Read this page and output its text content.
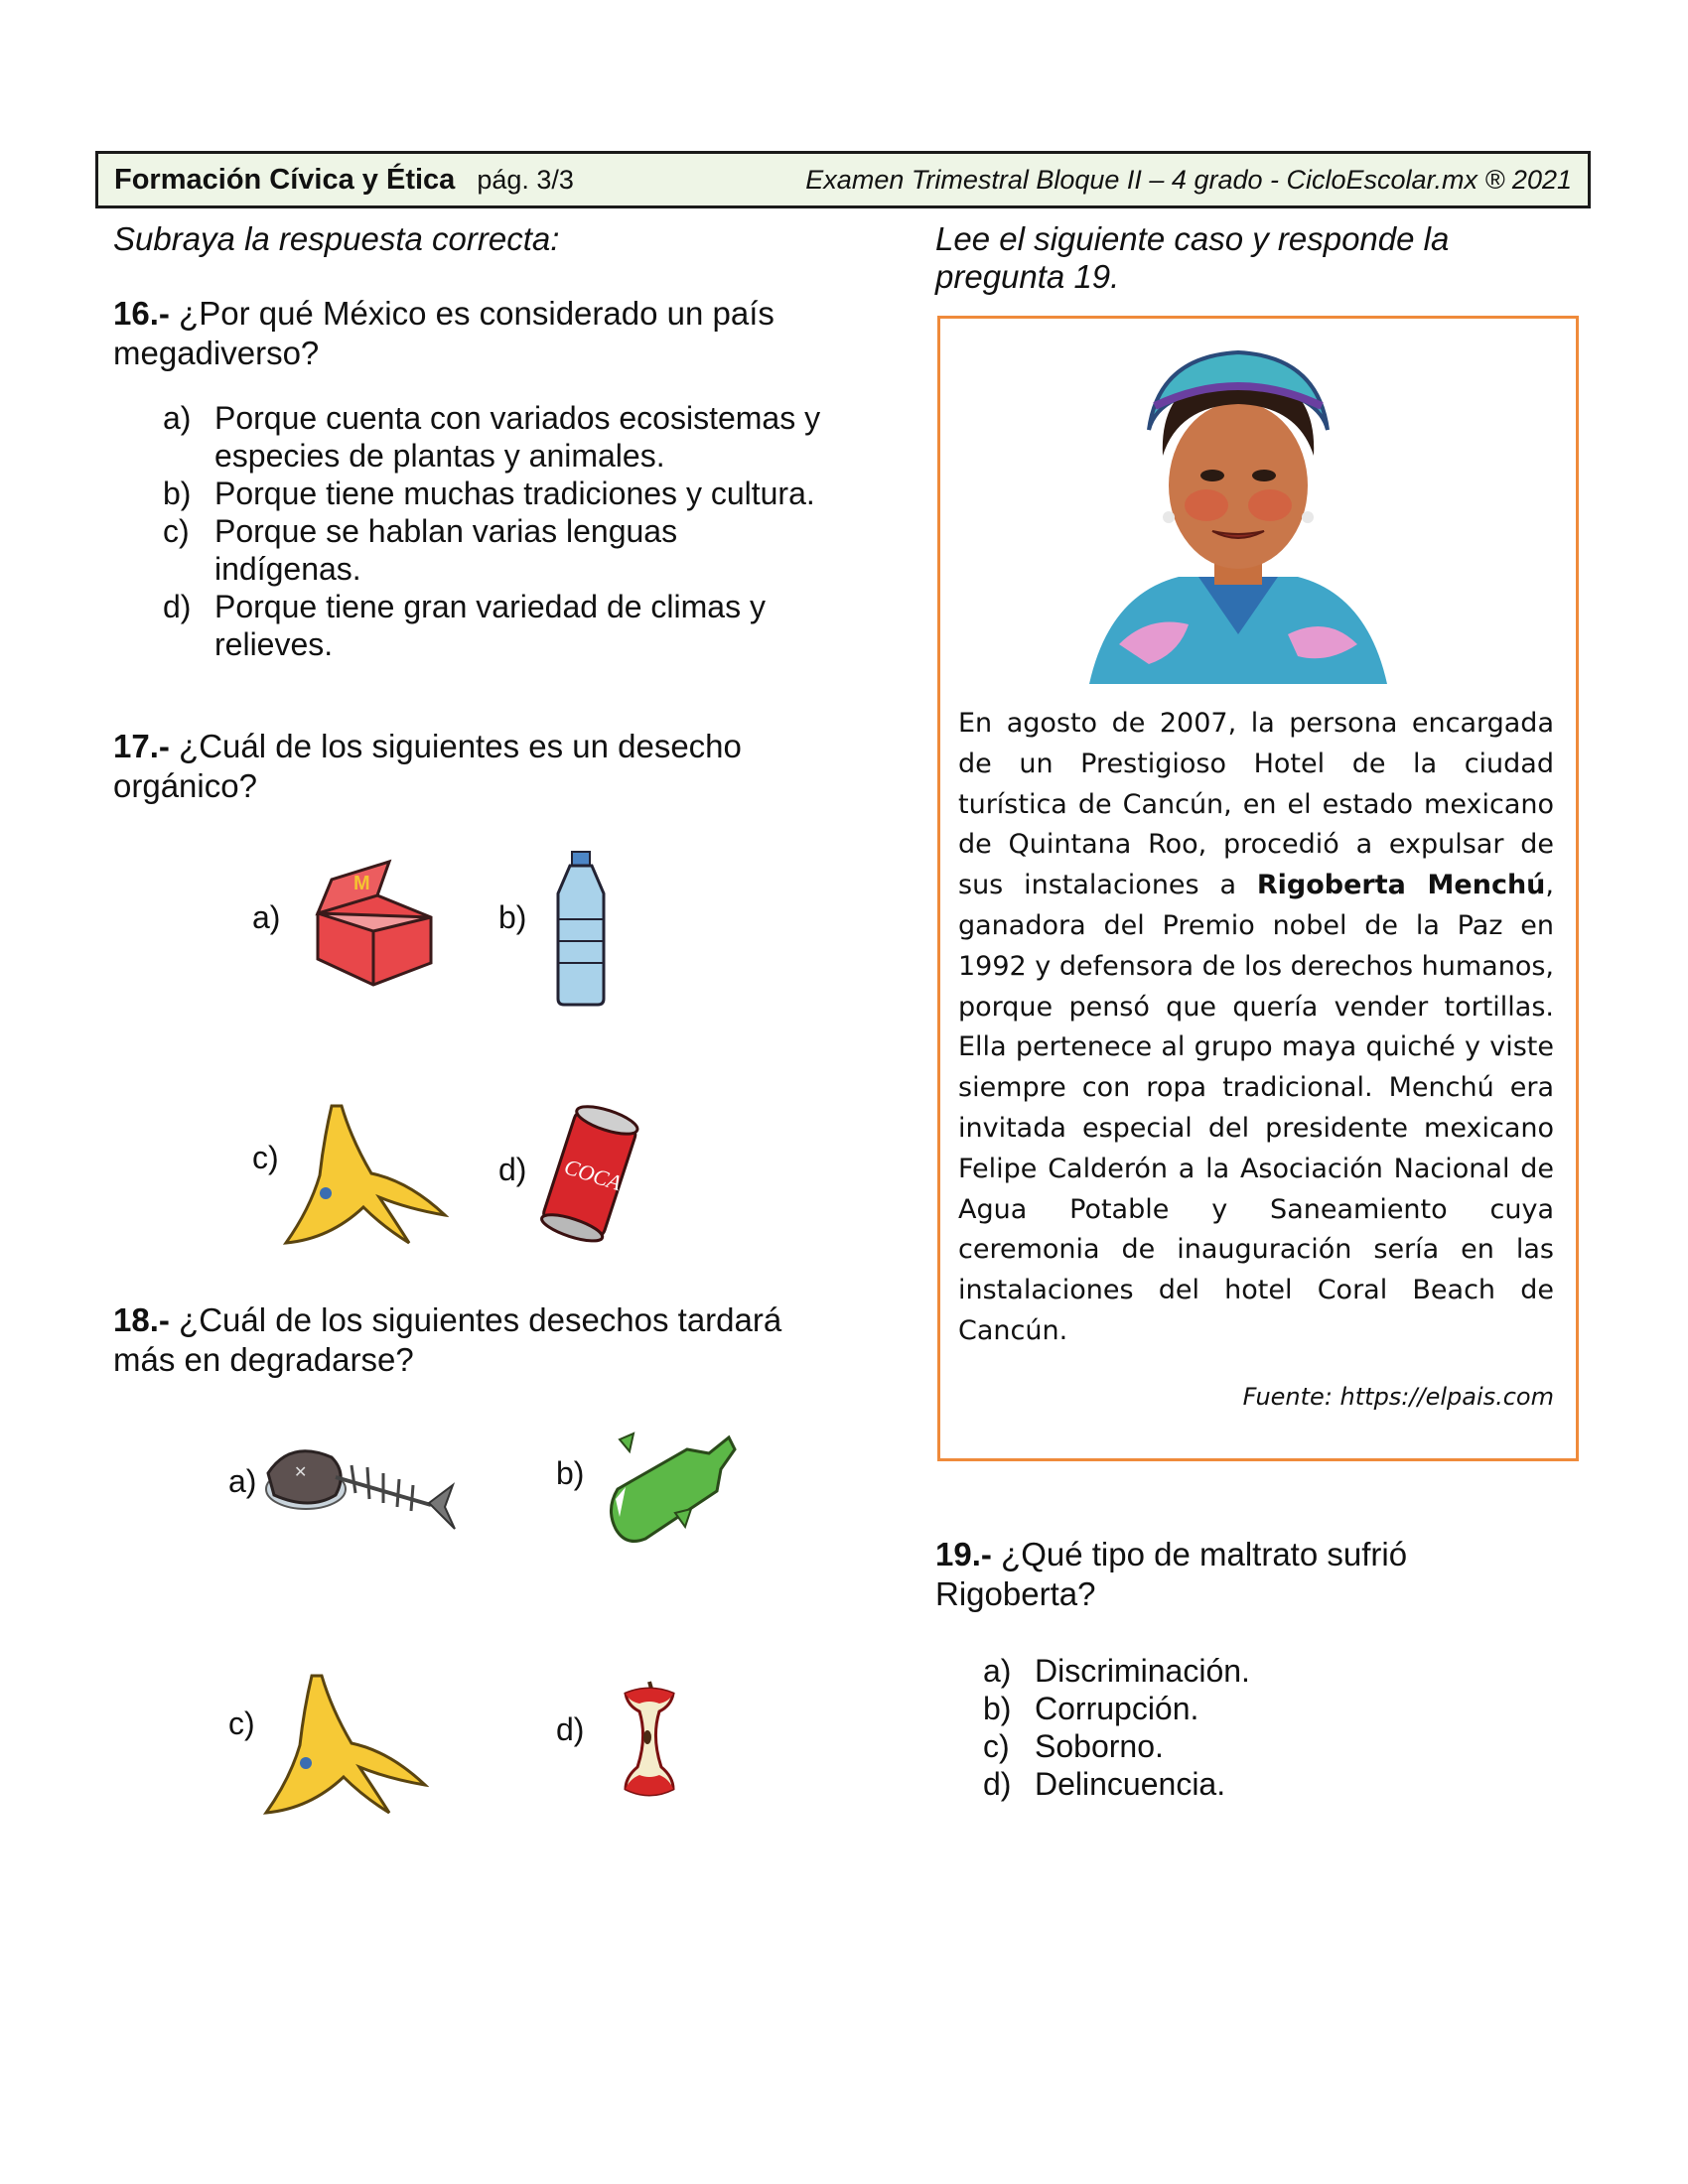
Formación Cívica y Ética pág. 3/3	Examen Trimestral Bloque II – 4 grado - CicloEscolar.mx ® 2021
Subraya la respuesta correcta:
16.- ¿Por qué México es considerado un país megadiverso?
a) Porque cuenta con variados ecosistemas y especies de plantas y animales.
b) Porque tiene muchas tradiciones y cultura.
c) Porque se hablan varias lenguas indígenas.
d) Porque tiene gran variedad de climas y relieves.
17.- ¿Cuál de los siguientes es un desecho orgánico?
a)
M
b)
c)	d) COCA
18.- ¿Cuál de los siguientes desechos tardará más en degradarse?
a) ✕	b)
c)	d)
Lee el siguiente caso y responde la pregunta 19.
En agosto de 2007, la persona encargada de un Prestigioso Hotel de la ciudad turística de Cancún, en el estado mexicano de Quintana Roo, procedió a expulsar de sus instalaciones a Rigoberta Menchú, ganadora del Premio nobel de la Paz en 1992 y defensora de los derechos humanos, porque pensó que quería vender tortillas. Ella pertenece al grupo maya quiché y viste siempre con ropa tradicional. Menchú era invitada especial del presidente mexicano Felipe Calderón a la Asociación Nacional de Agua Potable y Saneamiento cuya ceremonia de inauguración sería en las instalaciones del hotel Coral Beach de Cancún.
Fuente: https://elpais.com
19.- ¿Qué tipo de maltrato sufrió Rigoberta?
a) Discriminación.
b) Corrupción.
c) Soborno.
d) Delincuencia.
